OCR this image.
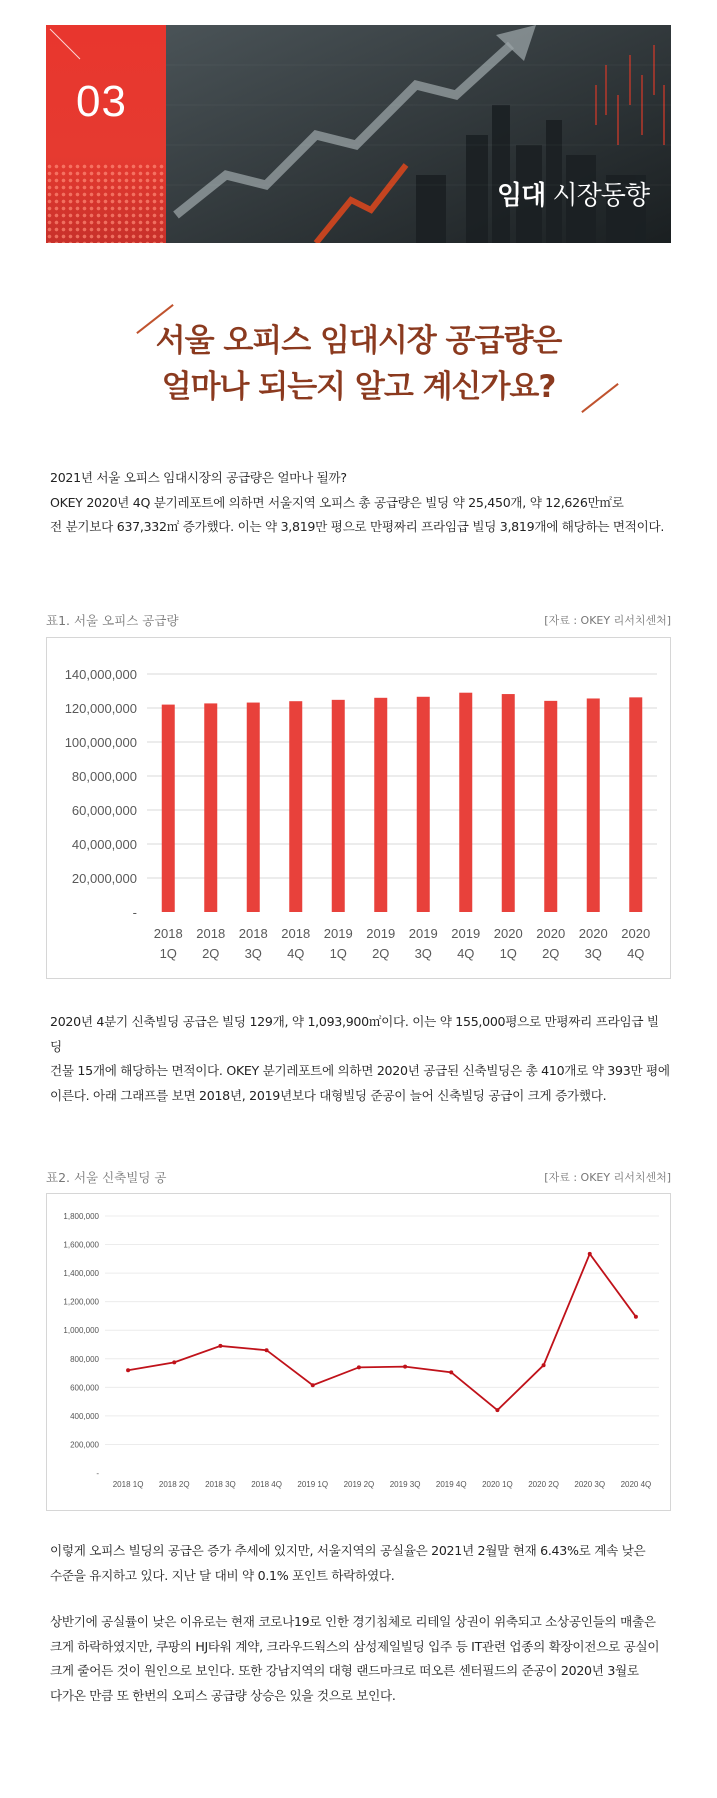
03
임대 시장동향
서울 오피스 임대시장 공급량은
얼마나 되는지 알고 계신가요?
2021년 서울 오피스 임대시장의 공급량은 얼마나 될까?
OKEY 2020년 4Q 분기레포트에 의하면 서울지역 오피스 총 공급량은 빌딩 약 25,450개, 약 12,626만㎡로
전 분기보다 637,332㎡ 증가했다. 이는 약 3,819만 평으로 만평짜리 프라임급 빌딩 3,819개에 해당하는 면적이다.
표1. 서울 오피스 공급량	[자료 : OKEY 리서치센처]
-
20,000,000
40,000,000
60,000,000
80,000,000
100,000,000
120,000,000
140,000,000
2018
1Q
2018
2Q
2018
3Q
2018
4Q
2019
1Q
2019
2Q
2019
3Q
2019
4Q
2020
1Q
2020
2Q
2020
3Q
2020
4Q
2020년 4분기 신축빌딩 공급은 빌딩 129개, 약 1,093,900㎡이다. 이는 약 155,000평으로 만평짜리 프라임급 빌딩
건물 15개에 해당하는 면적이다. OKEY 분기레포트에 의하면 2020년 공급된 신축빌딩은 총 410개로 약 393만 평에
이른다. 아래 그래프를 보면 2018년, 2019년보다 대형빌딩 준공이 늘어 신축빌딩 공급이 크게 증가했다.
표2. 서울 신축빌딩 공	[자료 : OKEY 리서치센처]
-
200,000
400,000
600,000
800,000
1,000,000
1,200,000
1,400,000
1,600,000
1,800,000
2018 1Q 2018 2Q 2018 3Q 2018 4Q 2019 1Q 2019 2Q 2019 3Q 2019 4Q 2020 1Q 2020 2Q 2020 3Q 2020 4Q
이렇게 오피스 빌딩의 공급은 증가 추세에 있지만, 서울지역의 공실율은 2021년 2월말 현재 6.43%로 계속 낮은
수준을 유지하고 있다. 지난 달 대비 약 0.1% 포인트 하락하였다.
상반기에 공실률이 낮은 이유로는 현재 코로나19로 인한 경기침체로 리테일 상권이 위축되고 소상공인들의 매출은
크게 하락하였지만, 쿠팡의 HJ타워 계약, 크라우드웍스의 삼성제일빌딩 입주 등 IT관련 업종의 확장이전으로 공실이
크게 줄어든 것이 원인으로 보인다. 또한 강남지역의 대형 랜드마크로 떠오른 센터필드의 준공이 2020년 3월로
다가온 만큼 또 한번의 오피스 공급량 상승은 있을 것으로 보인다.
